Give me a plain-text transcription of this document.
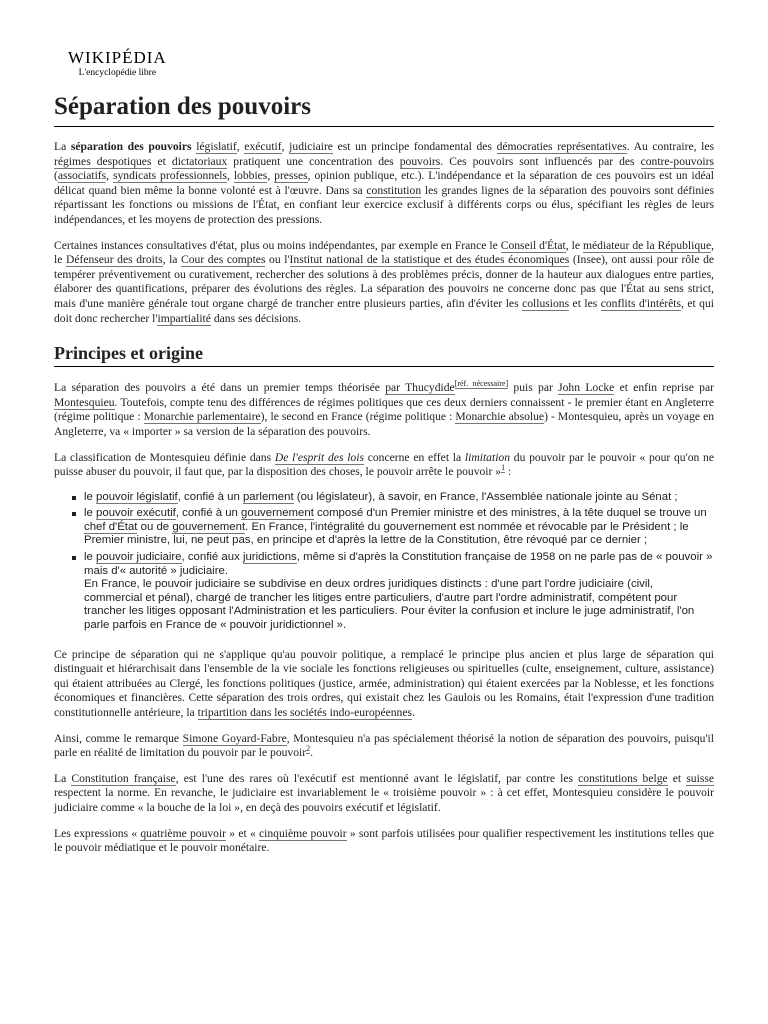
WIKIPÉDIA
L'encyclopédie libre
Séparation des pouvoirs

La séparation des pouvoirs législatif, exécutif, judiciaire est un principe fondamental des démocraties représentatives. Au contraire, les régimes despotiques et dictatoriaux pratiquent une concentration des pouvoirs. Ces pouvoirs sont influencés par des contre-pouvoirs (associatifs, syndicats professionnels, lobbies, presses, opinion publique, etc.). L'indépendance et la séparation de ces pouvoirs est un idéal délicat quand bien même la bonne volonté est à l'œuvre. Dans sa constitution les grandes lignes de la séparation des pouvoirs sont définies répartissant les fonctions ou missions de l'État, en confiant leur exercice exclusif à différents corps ou élus, spécifiant les règles de leurs indépendances, et les moyens de protection des pressions.

Certaines instances consultatives d'état, plus ou moins indépendantes, par exemple en France le Conseil d'État, le médiateur de la République, le Défenseur des droits, la Cour des comptes ou l'Institut national de la statistique et des études économiques (Insee), ont aussi pour rôle de tempérer préventivement ou curativement, rechercher des solutions à des problèmes précis, donner de la hauteur aux dialogues entre parties, élaborer des quantifications, préparer des évolutions des règles. La séparation des pouvoirs ne concerne donc pas que l'État au sens strict, mais d'une manière générale tout organe chargé de trancher entre plusieurs parties, afin d'éviter les collusions et les conflits d'intérêts, et qui doit donc rechercher l'impartialité dans ses décisions.

Principes et origine

La séparation des pouvoirs a été dans un premier temps théorisée par Thucydide[réf. nécessaire] puis par John Locke et enfin reprise par Montesquieu. Toutefois, compte tenu des différences de régimes politiques que ces deux derniers connaissent - le premier étant en Angleterre (régime politique : Monarchie parlementaire), le second en France (régime politique : Monarchie absolue) - Montesquieu, après un voyage en Angleterre, va « importer » sa version de la séparation des pouvoirs.

La classification de Montesquieu définie dans De l'esprit des lois concerne en effet la limitation du pouvoir par le pouvoir « pour qu'on ne puisse abuser du pouvoir, il faut que, par la disposition des choses, le pouvoir arrête le pouvoir »$^1$ :

le pouvoir législatif, confié à un parlement (ou législateur), à savoir, en France, l'Assemblée nationale jointe au Sénat ;
le pouvoir exécutif, confié à un gouvernement composé d'un Premier ministre et des ministres, à la tête duquel se trouve un chef d'État ou de gouvernement. En France, l'intégralité du gouvernement est nommée et révocable par le Président ; le Premier ministre, lui, ne peut pas, en principe et d'après la lettre de la Constitution, être révoqué par ce dernier ;
le pouvoir judiciaire, confié aux juridictions, même si d'après la Constitution française de 1958 on ne parle pas de « pouvoir » mais d'« autorité » judiciaire.
En France, le pouvoir judiciaire se subdivise en deux ordres juridiques distincts : d'une part l'ordre judiciaire (civil, commercial et pénal), chargé de trancher les litiges entre particuliers, d'autre part l'ordre administratif, compétent pour trancher les litiges opposant l'Administration et les particuliers. Pour éviter la confusion et inclure le juge administratif, l'on parle parfois en France de « pouvoir juridictionnel ».

Ce principe de séparation qui ne s'applique qu'au pouvoir politique, a remplacé le principe plus ancien et plus large de séparation qui distinguait et hiérarchisait dans l'ensemble de la vie sociale les fonctions religieuses ou spirituelles (culte, enseignement, culture, assistance) qui étaient attribuées au Clergé, les fonctions politiques (justice, armée, administration) qui étaient exercées par la Noblesse, et les fonctions économiques et financières. Cette séparation des trois ordres, qui existait chez les Gaulois ou les Romains, était l'expression d'une tradition constitutionnelle antérieure, la tripartition dans les sociétés indo-européennes.

Ainsi, comme le remarque Simone Goyard-Fabre, Montesquieu n'a pas spécialement théorisé la notion de séparation des pouvoirs, puisqu'il parle en réalité de limitation du pouvoir par le pouvoir$^2$.

La Constitution française, est l'une des rares où l'exécutif est mentionné avant le législatif, par contre les constitutions belge et suisse respectent la norme. En revanche, le judiciaire est invariablement le « troisième pouvoir » : à cet effet, Montesquieu considère le pouvoir judiciaire comme « la bouche de la loi », en deçà des pouvoirs exécutif et législatif.

Les expressions « quatrième pouvoir » et « cinquième pouvoir » sont parfois utilisées pour qualifier respectivement les institutions telles que le pouvoir médiatique et le pouvoir monétaire.
